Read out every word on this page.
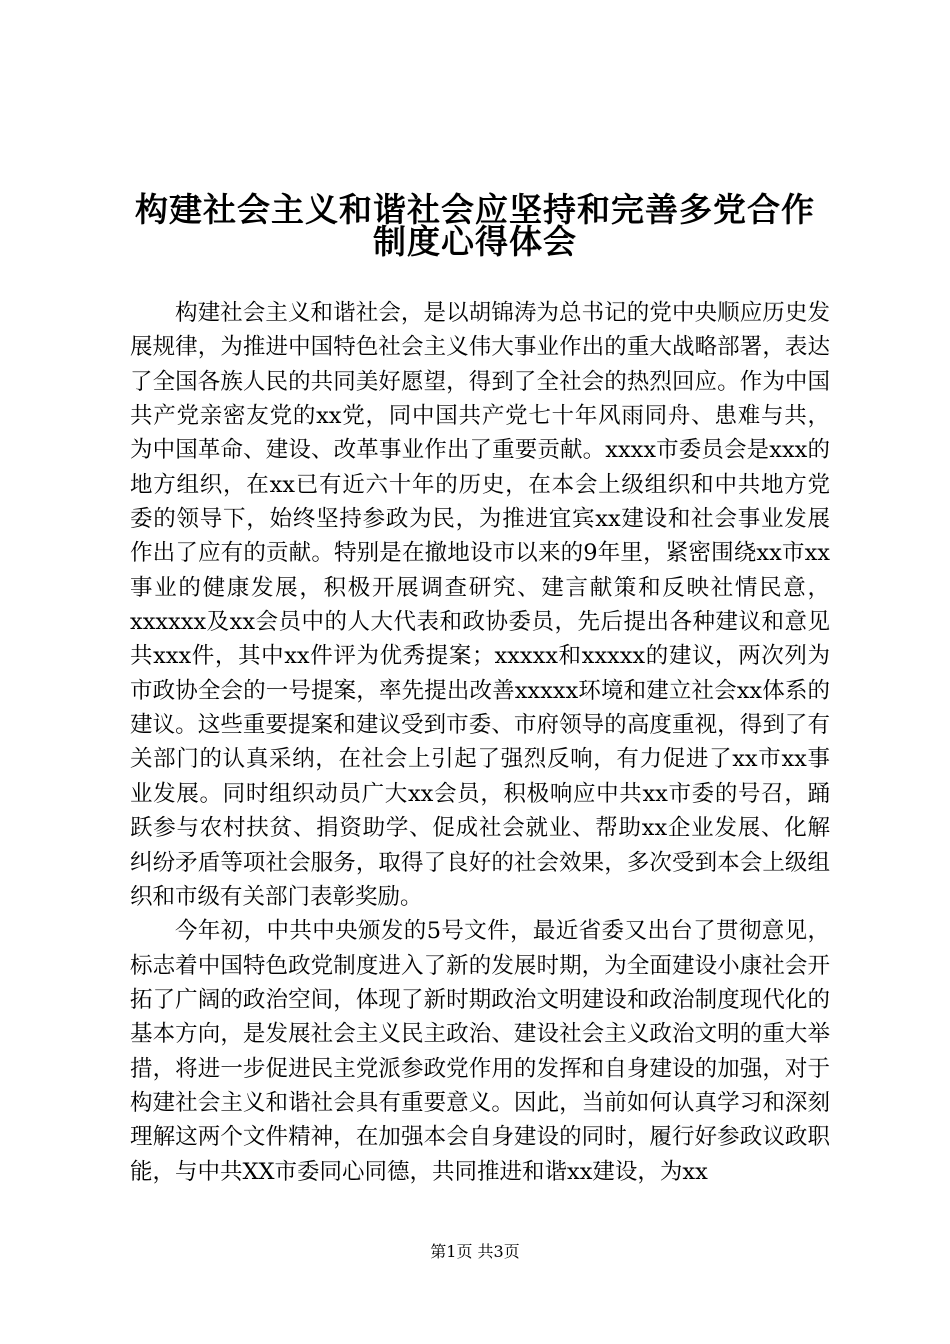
构建社会主义和谐社会应坚持和完善多党合作
制度心得体会

构建社会主义和谐社会，是以胡锦涛为总书记的党中央顺应历史发展规律，为推进中国特色社会主义伟大事业作出的重大战略部署，表达了全国各族人民的共同美好愿望，得到了全社会的热烈回应。作为中国共产党亲密友党的xx党，同中国共产党七十年风雨同舟、患难与共，为中国革命、建设、改革事业作出了重要贡献。xxxx市委员会是xxx的地方组织，在xx已有近六十年的历史，在本会上级组织和中共地方党委的领导下，始终坚持参政为民，为推进宜宾xx建设和社会事业发展作出了应有的贡献。特别是在撤地设市以来的9年里，紧密围绕xx市xx事业的健康发展，积极开展调查研究、建言献策和反映社情民意，xxxxxx及xx会员中的人大代表和政协委员，先后提出各种建议和意见共xxx件，其中xx件评为优秀提案；xxxxx和xxxxx的建议，两次列为市政协全会的一号提案，率先提出改善xxxxx环境和建立社会xx体系的建议。这些重要提案和建议受到市委、市府领导的高度重视，得到了有关部门的认真采纳，在社会上引起了强烈反响，有力促进了xx市xx事业发展。同时组织动员广大xx会员，积极响应中共xx市委的号召，踊跃参与农村扶贫、捐资助学、促成社会就业、帮助xx企业发展、化解纠纷矛盾等项社会服务，取得了良好的社会效果，多次受到本会上级组织和市级有关部门表彰奖励。

今年初，中共中央颁发的5号文件，最近省委又出台了贯彻意见，标志着中国特色政党制度进入了新的发展时期，为全面建设小康社会开拓了广阔的政治空间，体现了新时期政治文明建设和政治制度现代化的基本方向，是发展社会主义民主政治、建设社会主义政治文明的重大举措，将进一步促进民主党派参政党作用的发挥和自身建设的加强，对于构建社会主义和谐社会具有重要意义。因此，当前如何认真学习和深刻理解这两个文件精神，在加强本会自身建设的同时，履行好参政议政职能，与中共XX市委同心同德，共同推进和谐xx建设，为xx

第1页 共3页
